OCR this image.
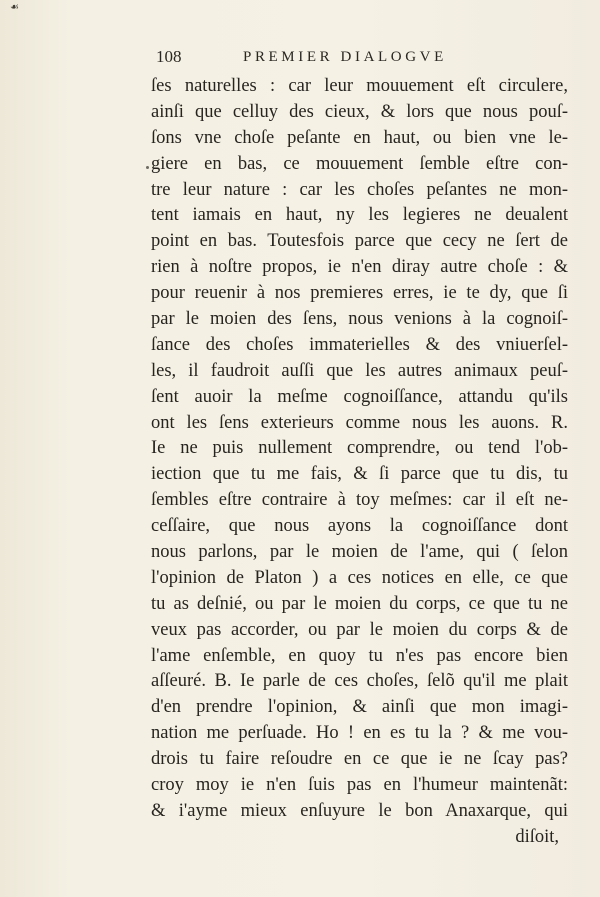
☙
108	PREMIER DIALOGVE
ſes naturelles : car leur mouuement eſt circulere,
ainſi que celluy des cieux, & lors que nous pouſ-
ſons vne choſe peſante en haut, ou bien vne le-
giere en bas, ce mouuement ſemble eſtre con-
tre leur nature : car les choſes peſantes ne mon-
tent iamais en haut, ny les legieres ne deualent
point en bas. Toutesfois parce que cecy ne ſert de
rien à noſtre propos, ie n'en diray autre choſe : &
pour reuenir à nos premieres erres, ie te dy, que ſi
par le moien des ſens, nous venions à la cognoiſ-
ſance des choſes immaterielles & des vniuerſel-
les, il faudroit auſſi que les autres animaux peuſ-
ſent auoir la meſme cognoiſſance, attandu qu'ils
ont les ſens exterieurs comme nous les auons. R.
Ie ne puis nullement comprendre, ou tend l'ob-
iection que tu me fais, & ſi parce que tu dis, tu
ſembles eſtre contraire à toy meſmes: car il eſt ne-
ceſſaire, que nous ayons la cognoiſſance dont
nous parlons, par le moien de l'ame, qui ( ſelon
l'opinion de Platon ) a ces notices en elle, ce que
tu as deſnié, ou par le moien du corps, ce que tu ne
veux pas accorder, ou par le moien du corps & de
l'ame enſemble, en quoy tu n'es pas encore bien
aſſeuré. B. Ie parle de ces choſes, ſelõ qu'il me plait
d'en prendre l'opinion, & ainſi que mon imagi-
nation me perſuade. Ho ! en es tu la ? & me vou-
drois tu faire reſoudre en ce que ie ne ſcay pas?
croy moy ie n'en ſuis pas en l'humeur maintenãt:
& i'ayme mieux enſuyure le bon Anaxarque, qui
diſoit,
